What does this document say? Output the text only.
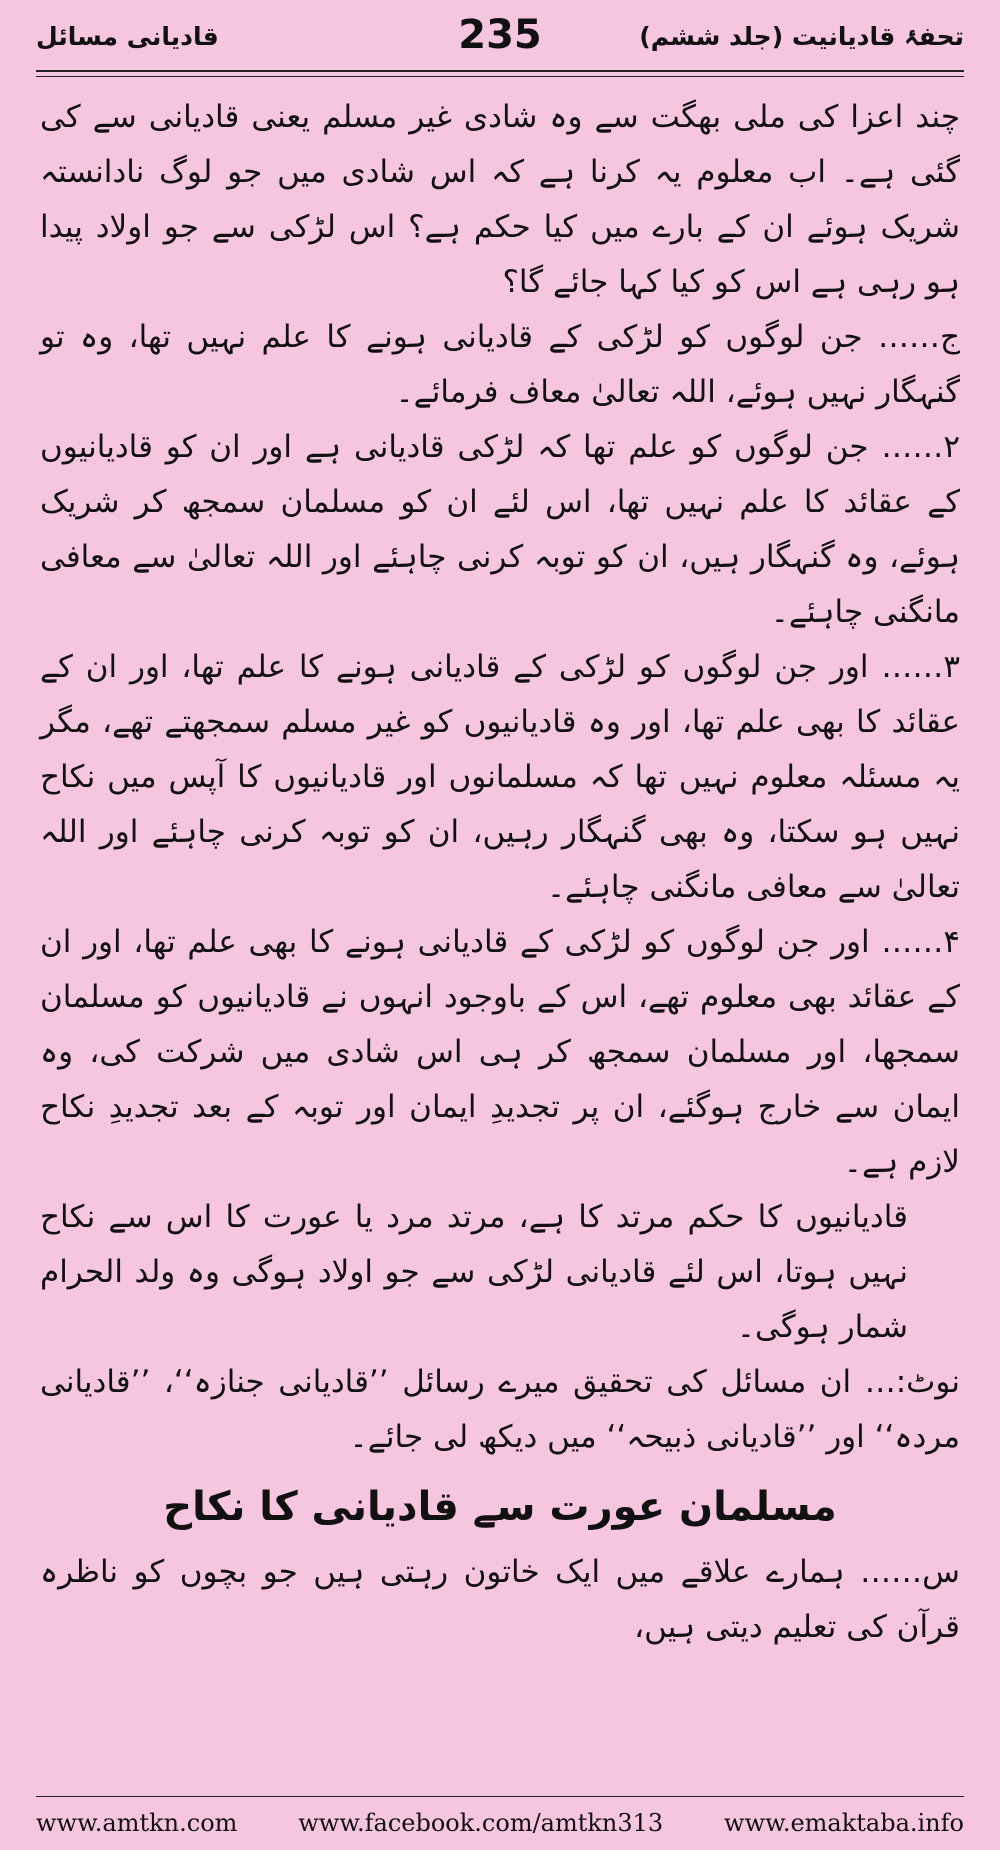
تحفۂ قادیانیت (جلد ششم)
235
قادیانی مسائل

چند اعزا کی ملی بھگت سے وہ شادی غیر مسلم یعنی قادیانی سے کی گئی ہے۔ اب معلوم یہ کرنا ہے کہ اس شادی میں جو لوگ نادانستہ شریک ہوئے ان کے بارے میں کیا حکم ہے؟ اس لڑکی سے جو اولاد پیدا ہو رہی ہے اس کو کیا کہا جائے گا؟

ج…… جن لوگوں کو لڑکی کے قادیانی ہونے کا علم نہیں تھا، وہ تو گنہگار نہیں ہوئے، اللہ تعالیٰ معاف فرمائے۔

۲…… جن لوگوں کو علم تھا کہ لڑکی قادیانی ہے اور ان کو قادیانیوں کے عقائد کا علم نہیں تھا، اس لئے ان کو مسلمان سمجھ کر شریک ہوئے، وہ گنہگار ہیں، ان کو توبہ کرنی چاہئے اور اللہ تعالیٰ سے معافی مانگنی چاہئے۔

۳…… اور جن لوگوں کو لڑکی کے قادیانی ہونے کا علم تھا، اور ان کے عقائد کا بھی علم تھا، اور وہ قادیانیوں کو غیر مسلم سمجھتے تھے، مگر یہ مسئلہ معلوم نہیں تھا کہ مسلمانوں اور قادیانیوں کا آپس میں نکاح نہیں ہو سکتا، وہ بھی گنہگار رہیں، ان کو توبہ کرنی چاہئے اور اللہ تعالیٰ سے معافی مانگنی چاہئے۔

۴…… اور جن لوگوں کو لڑکی کے قادیانی ہونے کا بھی علم تھا، اور ان کے عقائد بھی معلوم تھے، اس کے باوجود انہوں نے قادیانیوں کو مسلمان سمجھا، اور مسلمان سمجھ کر ہی اس شادی میں شرکت کی، وہ ایمان سے خارج ہوگئے، ان پر تجدیدِ ایمان اور توبہ کے بعد تجدیدِ نکاح لازم ہے۔

قادیانیوں کا حکم مرتد کا ہے، مرتد مرد یا عورت کا اس سے نکاح نہیں ہوتا، اس لئے قادیانی لڑکی سے جو اولاد ہوگی وہ ولد الحرام شمار ہوگی۔

نوٹ:… ان مسائل کی تحقیق میرے رسائل ’’قادیانی جنازہ‘‘، ’’قادیانی مردہ‘‘ اور ’’قادیانی ذبیحہ‘‘ میں دیکھ لی جائے۔

مسلمان عورت سے قادیانی کا نکاح

س…… ہمارے علاقے میں ایک خاتون رہتی ہیں جو بچوں کو ناظرہ قرآن کی تعلیم دیتی ہیں،

www.amtkn.com	www.facebook.com/amtkn313	www.emaktaba.info
